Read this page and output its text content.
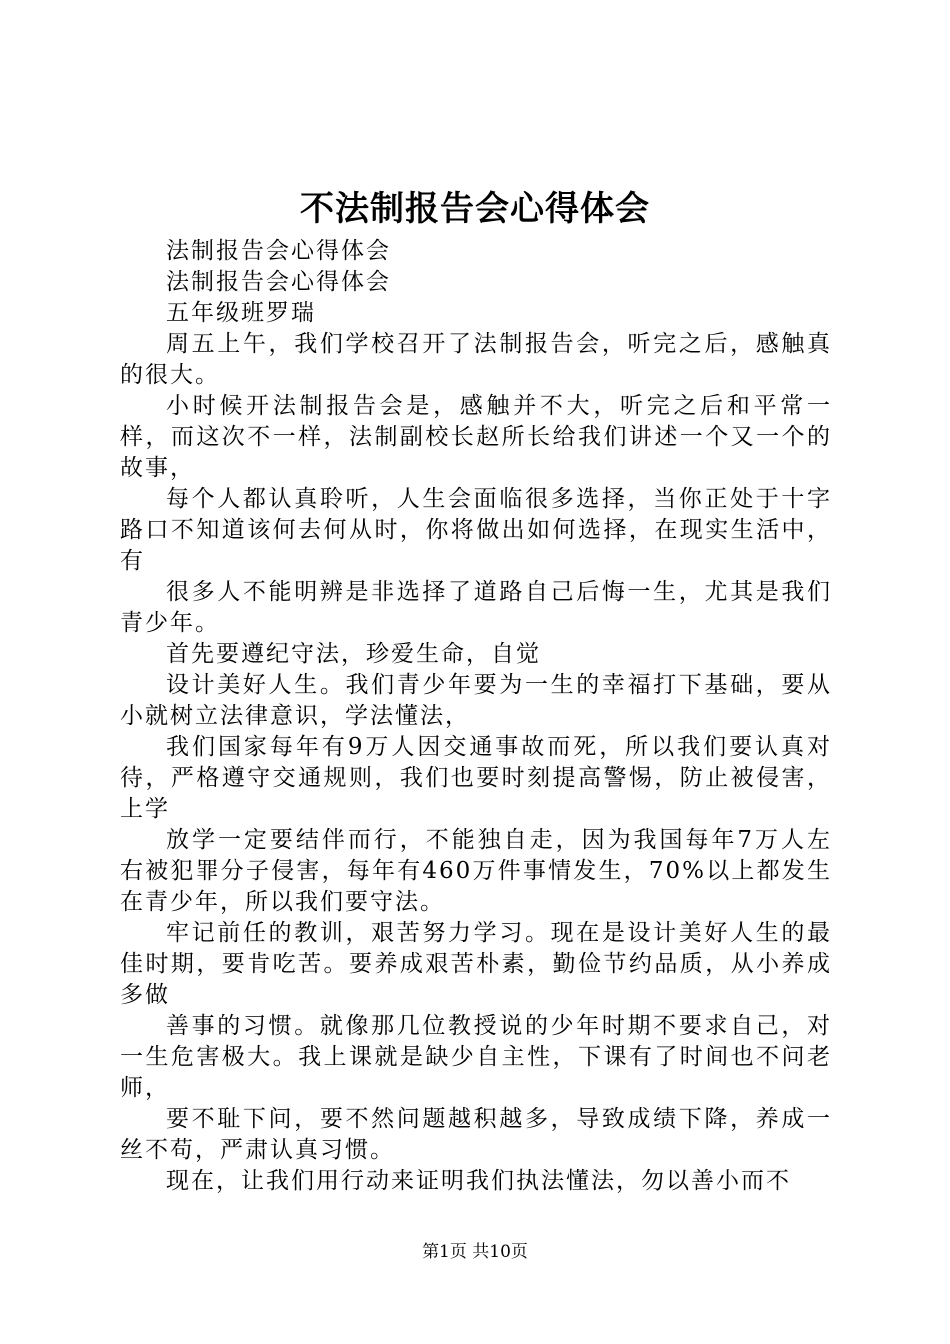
不法制报告会心得体会

法制报告会心得体会

法制报告会心得体会

五年级班罗瑞

周五上午，我们学校召开了法制报告会，听完之后，感触真的很大。

小时候开法制报告会是，感触并不大，听完之后和平常一样，而这次不一样，法制副校长赵所长给我们讲述一个又一个的故事，

每个人都认真聆听，人生会面临很多选择，当你正处于十字路口不知道该何去何从时，你将做出如何选择，在现实生活中，有

很多人不能明辨是非选择了道路自己后悔一生，尤其是我们青少年。

首先要遵纪守法，珍爱生命，自觉

设计美好人生。我们青少年要为一生的幸福打下基础，要从小就树立法律意识，学法懂法，

我们国家每年有9万人因交通事故而死，所以我们要认真对待，严格遵守交通规则，我们也要时刻提高警惕，防止被侵害，上学

放学一定要结伴而行，不能独自走，因为我国每年7万人左右被犯罪分子侵害，每年有460万件事情发生，70%以上都发生在青少年，所以我们要守法。

牢记前任的教训，艰苦努力学习。现在是设计美好人生的最佳时期，要肯吃苦。要养成艰苦朴素，勤俭节约品质，从小养成多做

善事的习惯。就像那几位教授说的少年时期不要求自己，对一生危害极大。我上课就是缺少自主性，下课有了时间也不问老师，

要不耻下问，要不然问题越积越多，导致成绩下降，养成一丝不苟，严肃认真习惯。

现在，让我们用行动来证明我们执法懂法，勿以善小而不

第1页 共10页
